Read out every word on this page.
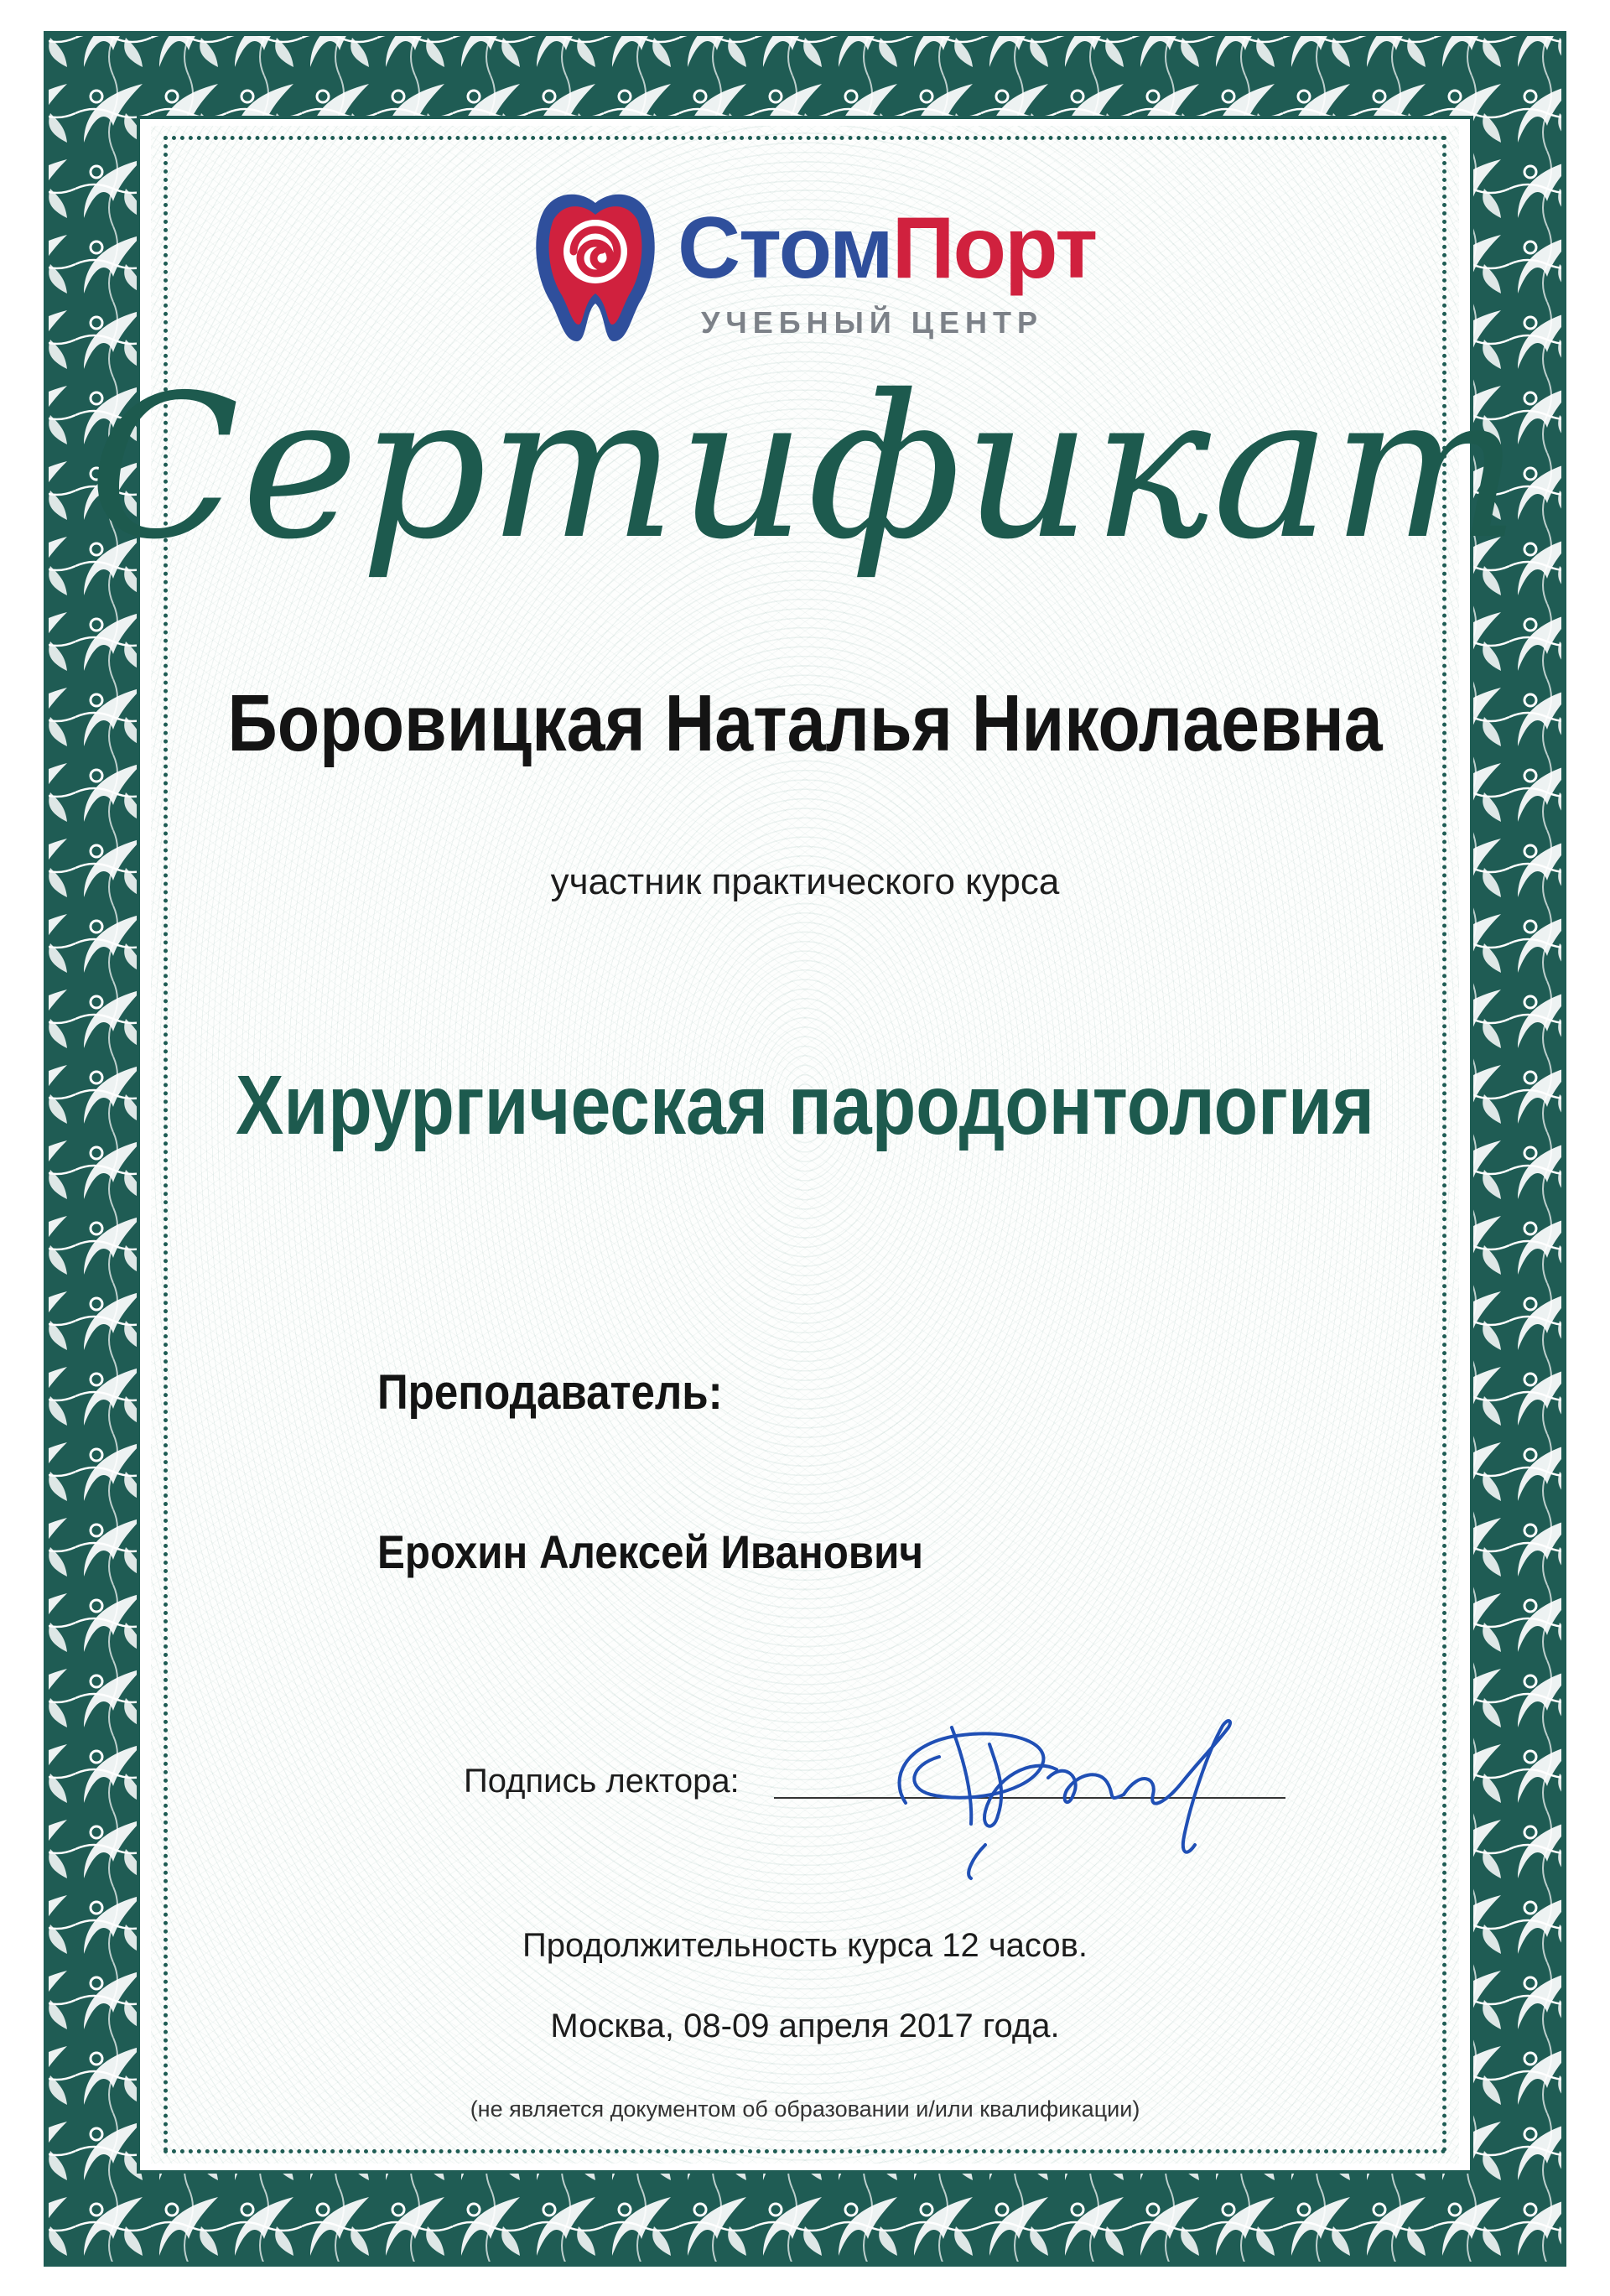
СтомПорт
УЧЕБНЫЙ ЦЕНТР
Сертификат
Боровицкая Наталья Николаевна
участник практического курса
Хирургическая пародонтология
Преподаватель:
Ерохин Алексей Иванович
Подпись лектора:
Продолжительность курса 12 часов.
Москва, 08-09 апреля 2017 года.
(не является документом об образовании и/или квалификации)
